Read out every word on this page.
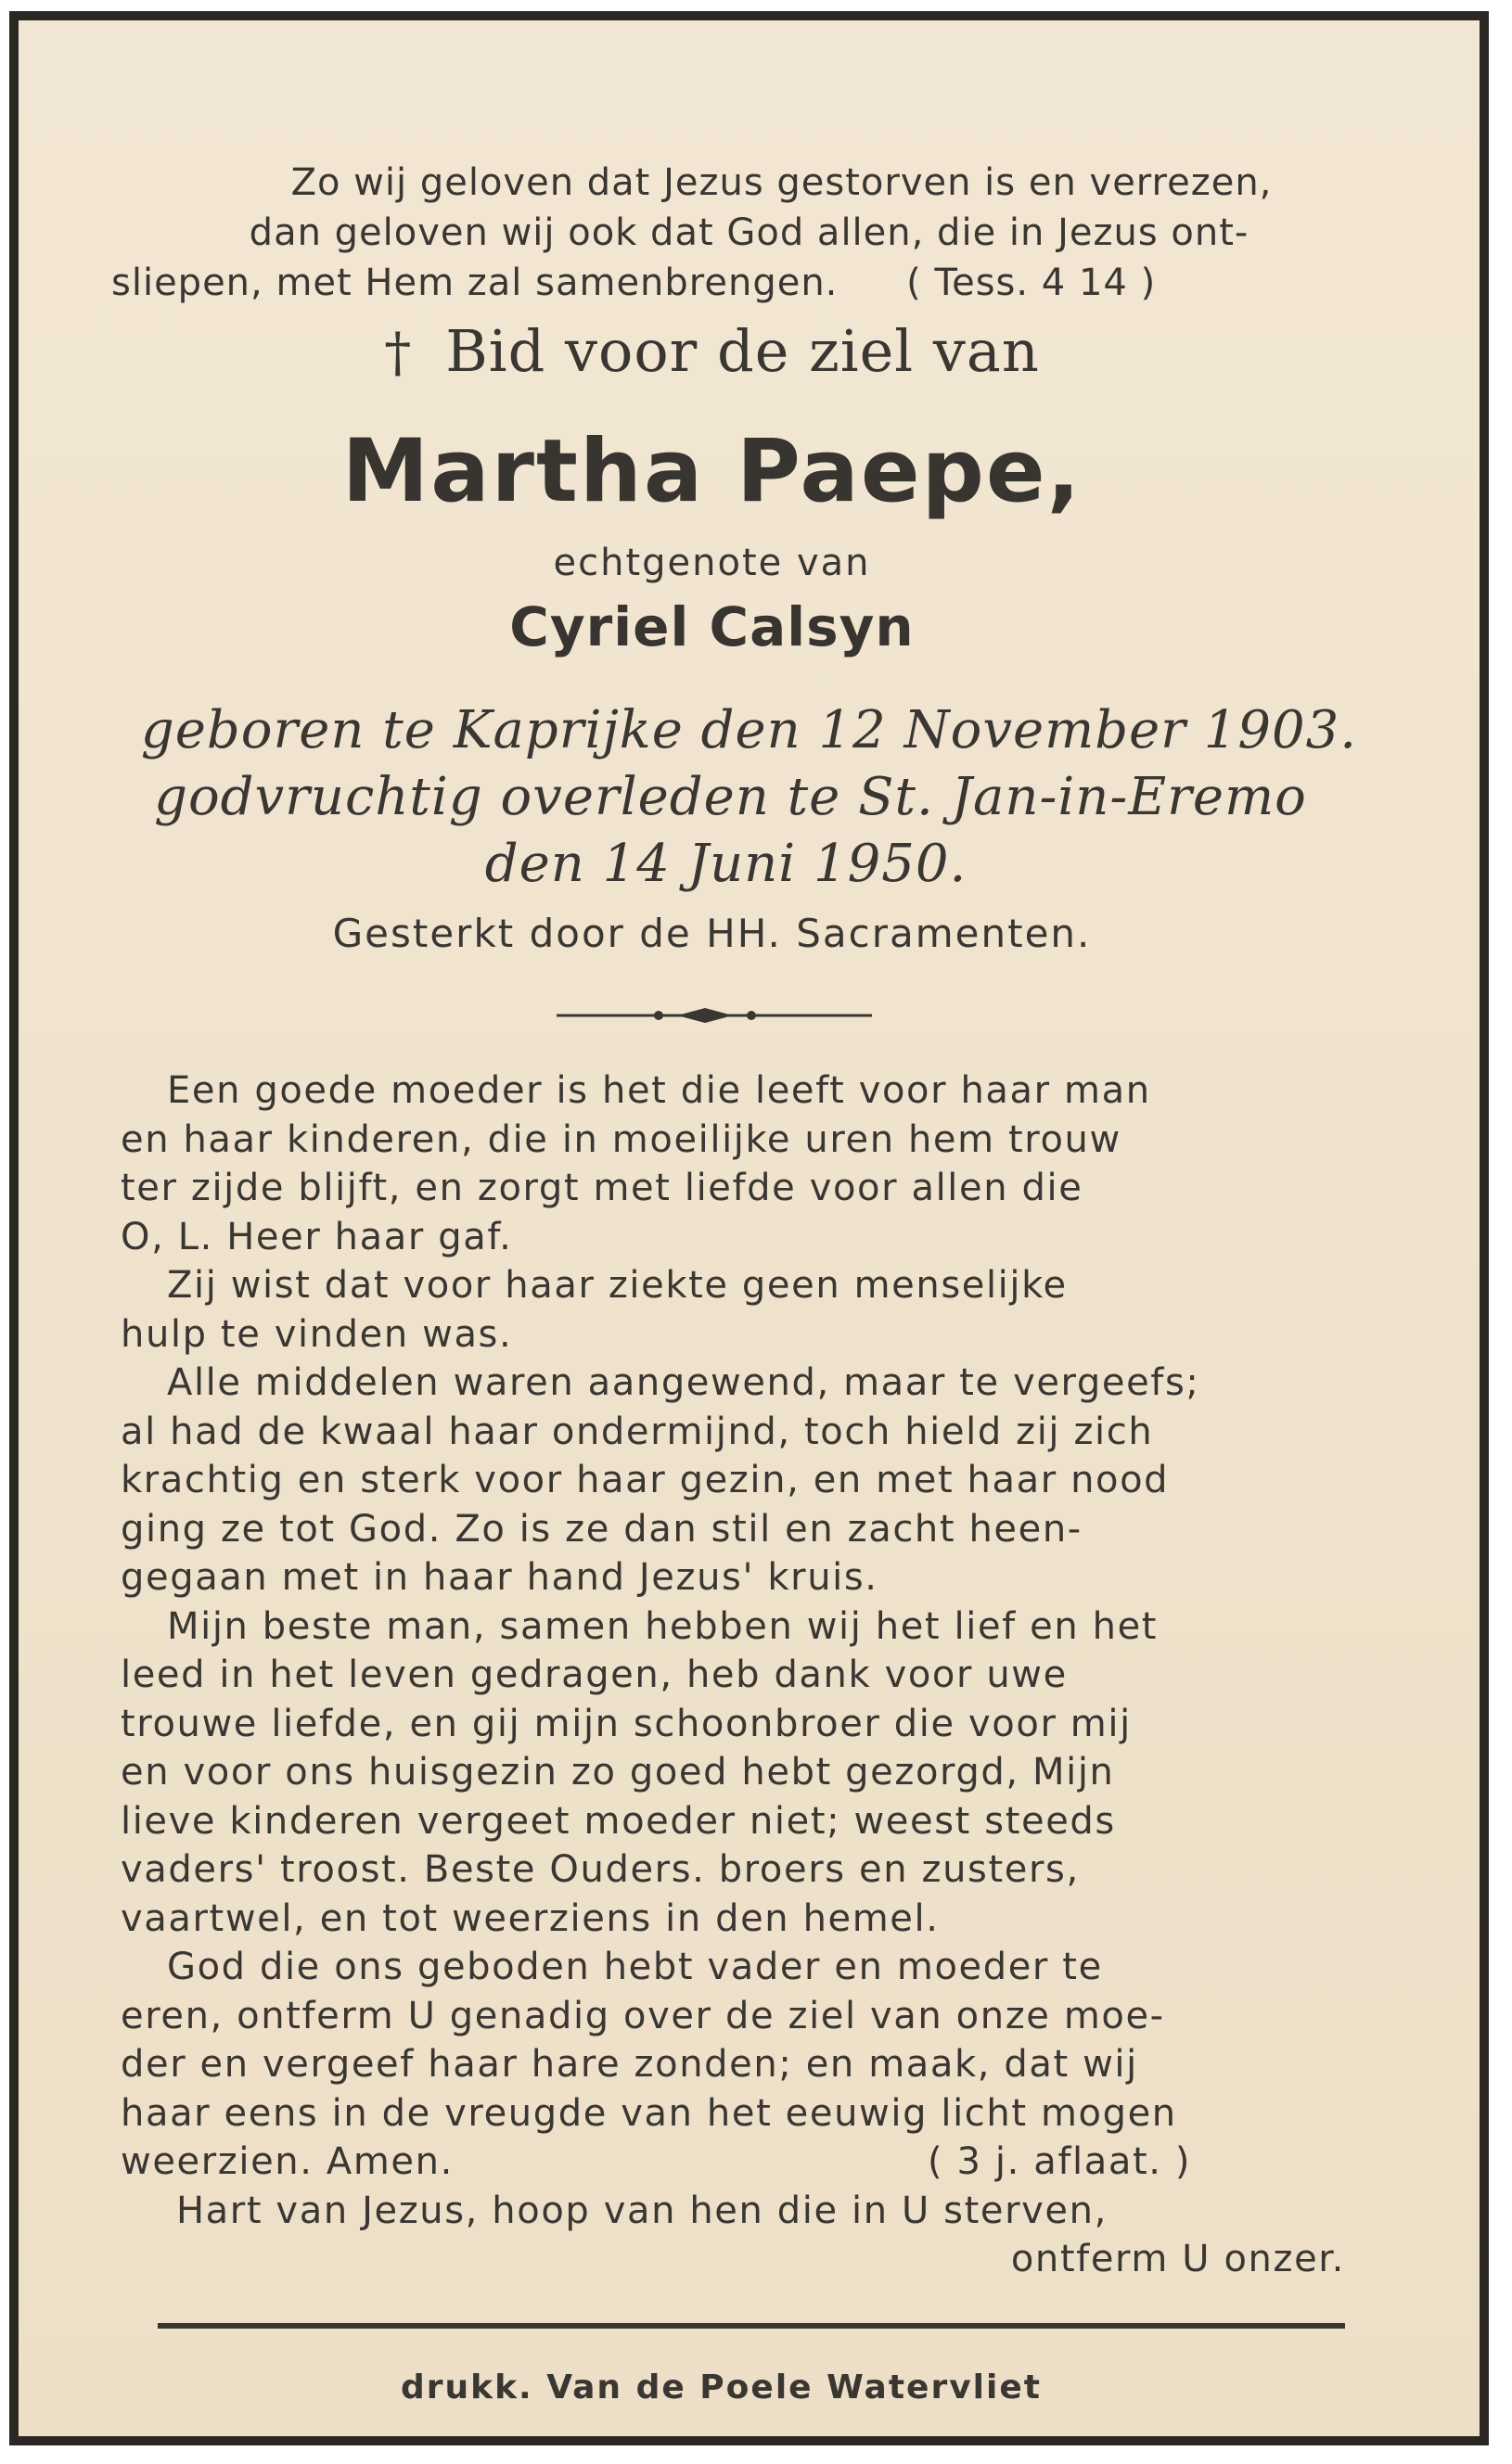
Zo wij geloven dat Jezus gestorven is en verrezen,
dan geloven wij ook dat God allen, die in Jezus ont-
sliepen, met Hem zal samenbrengen. ( Tess. 4 14 )
† Bid voor de ziel van
Martha Paepe,
echtgenote van
Cyriel Calsyn
geboren te Kaprijke den 12 November 1903.
godvruchtig overleden te St. Jan-in-Eremo
den 14 Juni 1950.
Gesterkt door de HH. Sacramenten.
Een goede moeder is het die leeft voor haar man
en haar kinderen, die in moeilijke uren hem trouw
ter zijde blijft, en zorgt met liefde voor allen die
O, L. Heer haar gaf.
Zij wist dat voor haar ziekte geen menselijke
hulp te vinden was.
Alle middelen waren aangewend, maar te vergeefs;
al had de kwaal haar ondermijnd, toch hield zij zich
krachtig en sterk voor haar gezin, en met haar nood
ging ze tot God. Zo is ze dan stil en zacht heen-
gegaan met in haar hand Jezus' kruis.
Mijn beste man, samen hebben wij het lief en het
leed in het leven gedragen, heb dank voor uwe
trouwe liefde, en gij mijn schoonbroer die voor mij
en voor ons huisgezin zo goed hebt gezorgd, Mijn
lieve kinderen vergeet moeder niet; weest steeds
vaders' troost. Beste Ouders. broers en zusters,
vaartwel, en tot weerziens in den hemel.
God die ons geboden hebt vader en moeder te
eren, ontferm U genadig over de ziel van onze moe-
der en vergeef haar hare zonden; en maak, dat wij
haar eens in de vreugde van het eeuwig licht mogen
weerzien. Amen.	( 3 j. aflaat. )
Hart van Jezus, hoop van hen die in U sterven,
ontferm U onzer.
drukk. Van de Poele Watervliet
